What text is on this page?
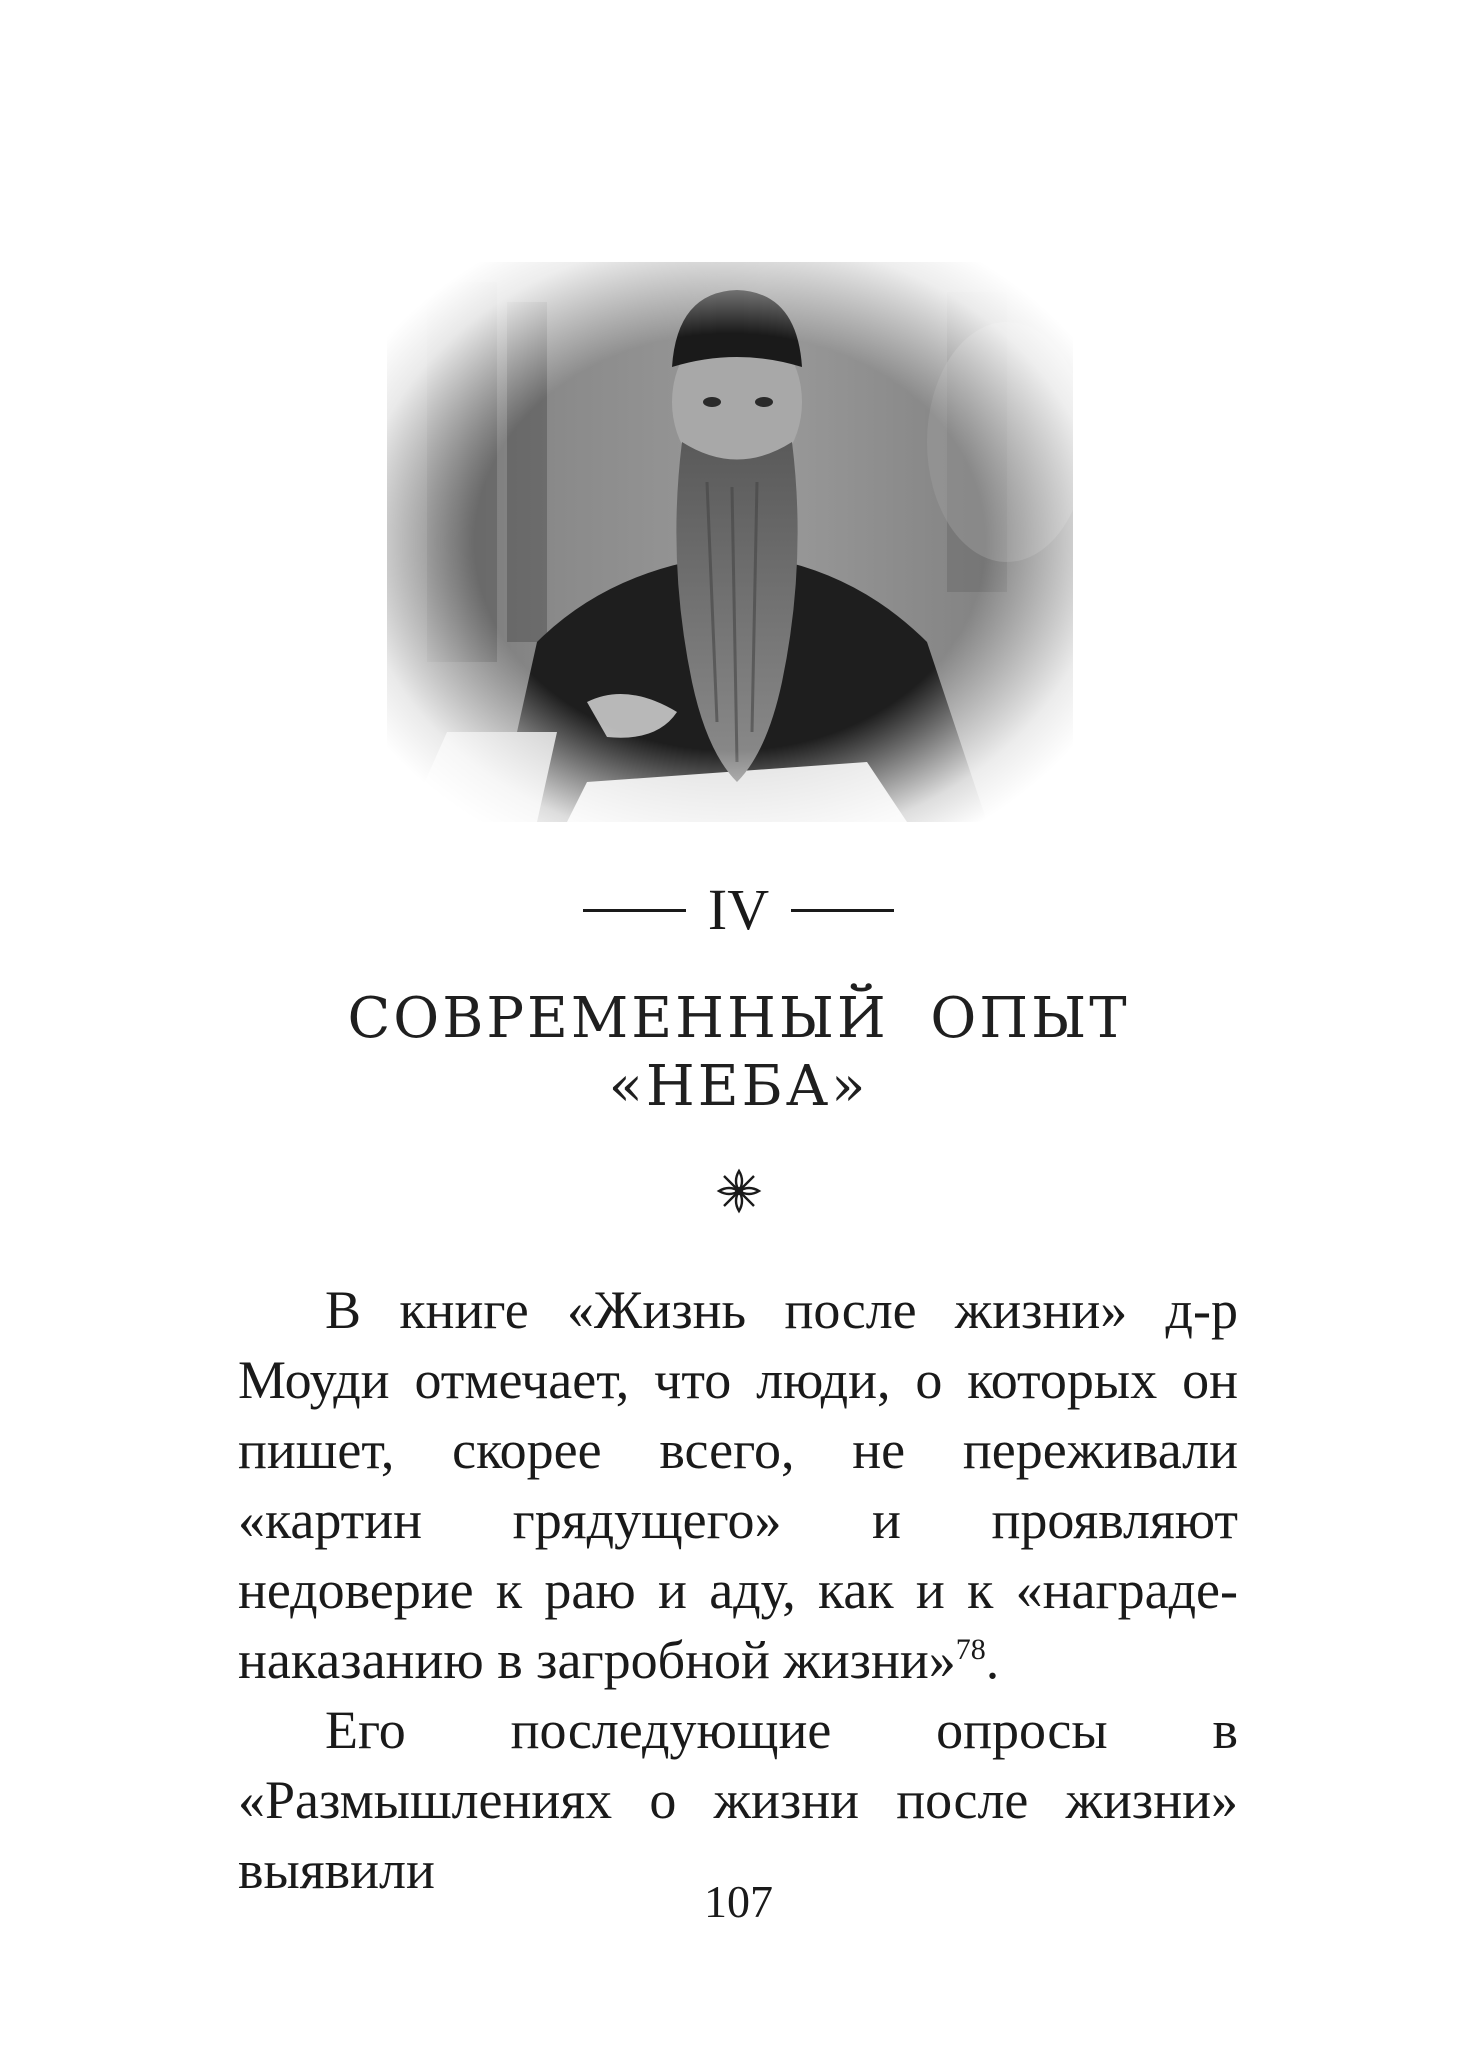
IV
СОВРЕМЕННЫЙ  ОПЫТ
«НЕБА»

В книге «Жизнь после жизни» д-р Моуди отмечает, что люди, о которых он пишет, скорее всего, не переживали «картин грядущего» и проявляют недоверие к раю и аду, как и к «награде-наказанию в загробной жизни»$^{78}$.

Его последующие опросы в «Размышлениях о жизни после жизни» выявили

107
